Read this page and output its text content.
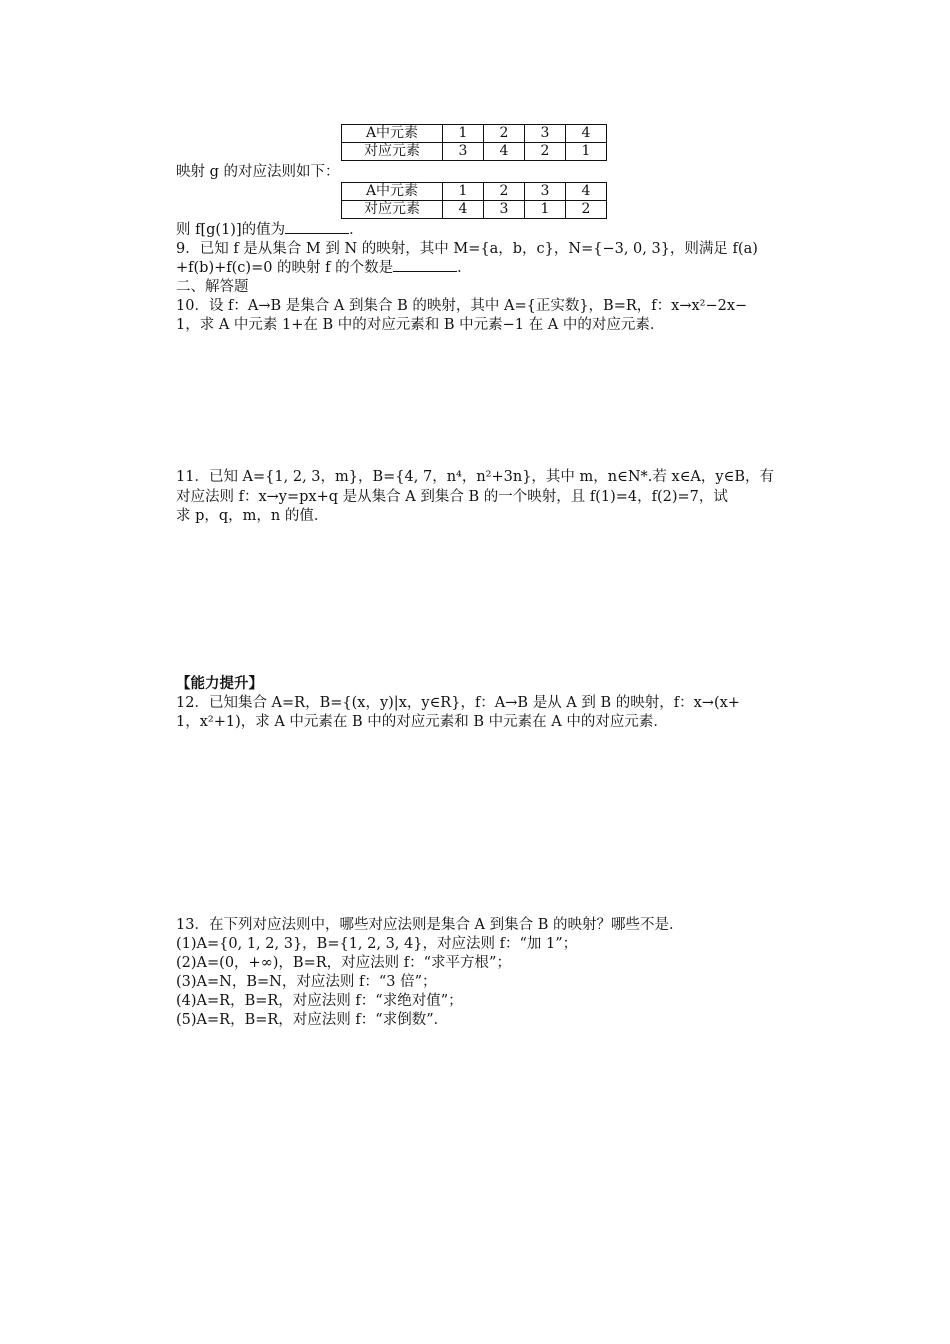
A中元素	1	2	3	4
对应元素	3	4	2	1
映射 g 的对应法则如下：
A中元素	1	2	3	4
对应元素	4	3	1	2
则 f[g(1)]的值为	．
9．已知 f 是从集合 M 到 N 的映射，其中 M={a，b，c}，N={−3, 0, 3}，则满足 f(a)
+f(b)+f(c)=0 的映射 f 的个数是	．
二、解答题
10．设 f：A→B 是集合 A 到集合 B 的映射，其中 A={正实数}，B=R，f：x→x²−2x−
1，求 A 中元素 1+在 B 中的对应元素和 B 中元素−1 在 A 中的对应元素．
11．已知 A={1, 2, 3，m}，B={4, 7，n⁴，n²+3n}，其中 m，n∈N*.若 x∈A，y∈B，有
对应法则 f：x→y=px+q 是从集合 A 到集合 B 的一个映射，且 f(1)=4，f(2)=7，试
求 p，q，m，n 的值．
【能力提升】
12．已知集合 A=R，B={(x，y)|x，y∈R}，f：A→B 是从 A 到 B 的映射，f：x→(x+
1，x²+1)，求 A 中元素在 B 中的对应元素和 B 中元素在 A 中的对应元素．
13．在下列对应法则中，哪些对应法则是集合 A 到集合 B 的映射？哪些不是．
(1)A={0, 1, 2, 3}，B={1, 2, 3, 4}，对应法则 f：“加 1”；
(2)A=(0，+∞)，B=R，对应法则 f：“求平方根”；
(3)A=N，B=N，对应法则 f：“3 倍”；
(4)A=R，B=R，对应法则 f：“求绝对值”；
(5)A=R，B=R，对应法则 f：“求倒数”．
